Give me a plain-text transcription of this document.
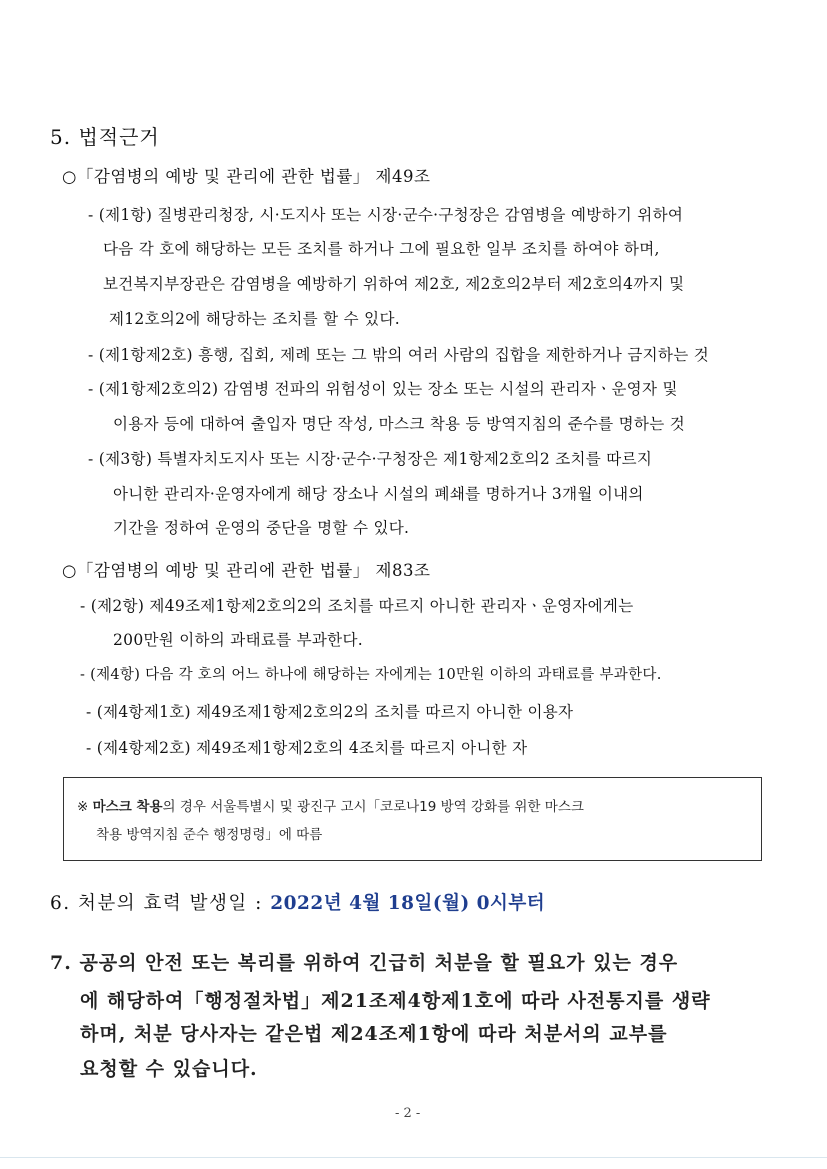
5. 법적근거
○「감염병의 예방 및 관리에 관한 법률」 제49조
- (제1항) 질병관리청장, 시·도지사 또는 시장·군수·구청장은 감염병을 예방하기 위하여
다음 각 호에 해당하는 모든 조치를 하거나 그에 필요한 일부 조치를 하여야 하며,
보건복지부장관은 감염병을 예방하기 위하여 제2호, 제2호의2부터 제2호의4까지 및
제12호의2에 해당하는 조치를 할 수 있다.
- (제1항제2호) 흥행, 집회, 제례 또는 그 밖의 여러 사람의 집합을 제한하거나 금지하는 것
- (제1항제2호의2) 감염병 전파의 위험성이 있는 장소 또는 시설의 관리자ㆍ운영자 및
이용자 등에 대하여 출입자 명단 작성, 마스크 착용 등 방역지침의 준수를 명하는 것
- (제3항) 특별자치도지사 또는 시장·군수·구청장은 제1항제2호의2 조치를 따르지
아니한 관리자·운영자에게 해당 장소나 시설의 폐쇄를 명하거나 3개월 이내의
기간을 정하여 운영의 중단을 명할 수 있다.
○「감염병의 예방 및 관리에 관한 법률」 제83조
- (제2항) 제49조제1항제2호의2의 조치를 따르지 아니한 관리자ㆍ운영자에게는
200만원 이하의 과태료를 부과한다.
- (제4항) 다음 각 호의 어느 하나에 해당하는 자에게는 10만원 이하의 과태료를 부과한다.
- (제4항제1호) 제49조제1항제2호의2의 조치를 따르지 아니한 이용자
- (제4항제2호) 제49조제1항제2호의 4조치를 따르지 아니한 자
※ 마스크 착용의 경우 서울특별시 및 광진구 고시「코로나19 방역 강화를 위한 마스크
착용 방역지침 준수 행정명령」에 따름
6. 처분의 효력 발생일 : 2022년 4월 18일(월) 0시부터
7. 공공의 안전 또는 복리를 위하여 긴급히 처분을 할 필요가 있는 경우
에 해당하여「행정절차법」제21조제4항제1호에 따라 사전통지를 생략
하며, 처분 당사자는 같은법 제24조제1항에 따라 처분서의 교부를
요청할 수 있습니다.
- 2 -
